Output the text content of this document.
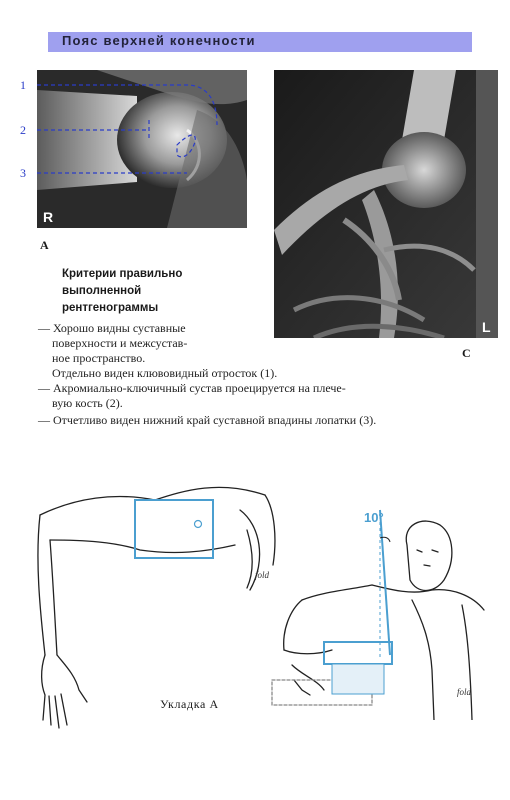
Пояс верхней конечности
R
1
2
3
A
L
C
Критерии правильно
выполненной
рентгенограммы
— Хорошо видны суставные
поверхности и межсустав-
ное пространство.
Отдельно виден клювовидный отросток (1).
— Акромиально-ключичный сустав проецируется на плече-
вую кость (2).
— Отчетливо виден нижний край суставной впадины лопатки (3).
fold
fold
10°
Укладка А
